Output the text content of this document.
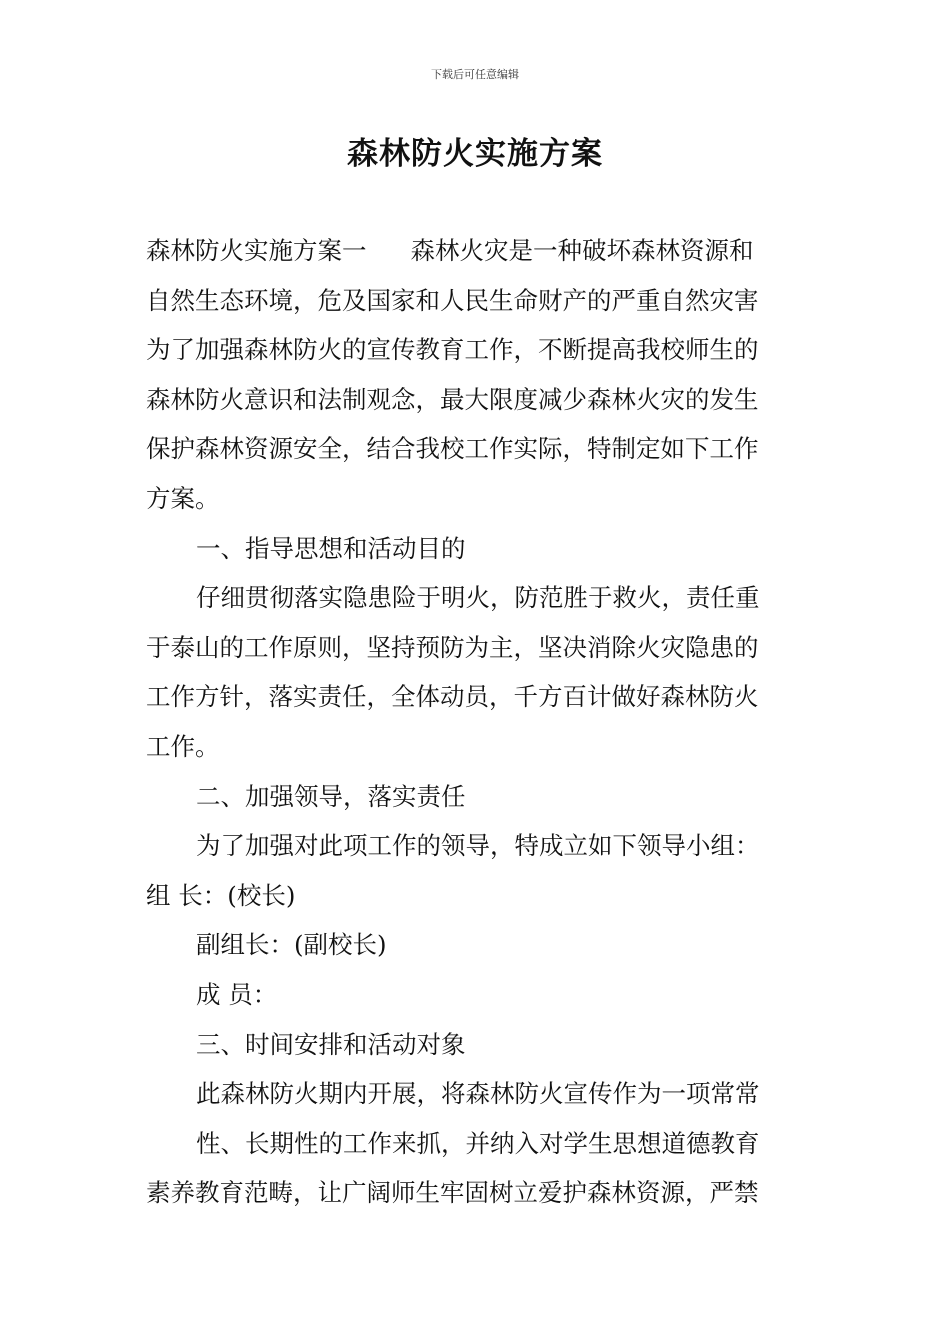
下载后可任意编辑
森林防火实施方案
森林防火实施方案一 森林火灾是一种破坏森林资源和
自然生态环境，危及国家和人民生命财产的严重自然灾害
为了加强森林防火的宣传教育工作，不断提高我校师生的
森林防火意识和法制观念，最大限度减少森林火灾的发生
保护森林资源安全，结合我校工作实际，特制定如下工作
方案。
一、指导思想和活动目的
仔细贯彻落实隐患险于明火，防范胜于救火，责任重
于泰山的工作原则，坚持预防为主，坚决消除火灾隐患的
工作方针，落实责任，全体动员，千方百计做好森林防火
工作。
二、加强领导，落实责任
为了加强对此项工作的领导，特成立如下领导小组：
组 长：(校长)
副组长：(副校长)
成 员：
三、时间安排和活动对象
此森林防火期内开展，将森林防火宣传作为一项常常
性、长期性的工作来抓，并纳入对学生思想道德教育
素养教育范畴，让广阔师生牢固树立爱护森林资源，严禁
